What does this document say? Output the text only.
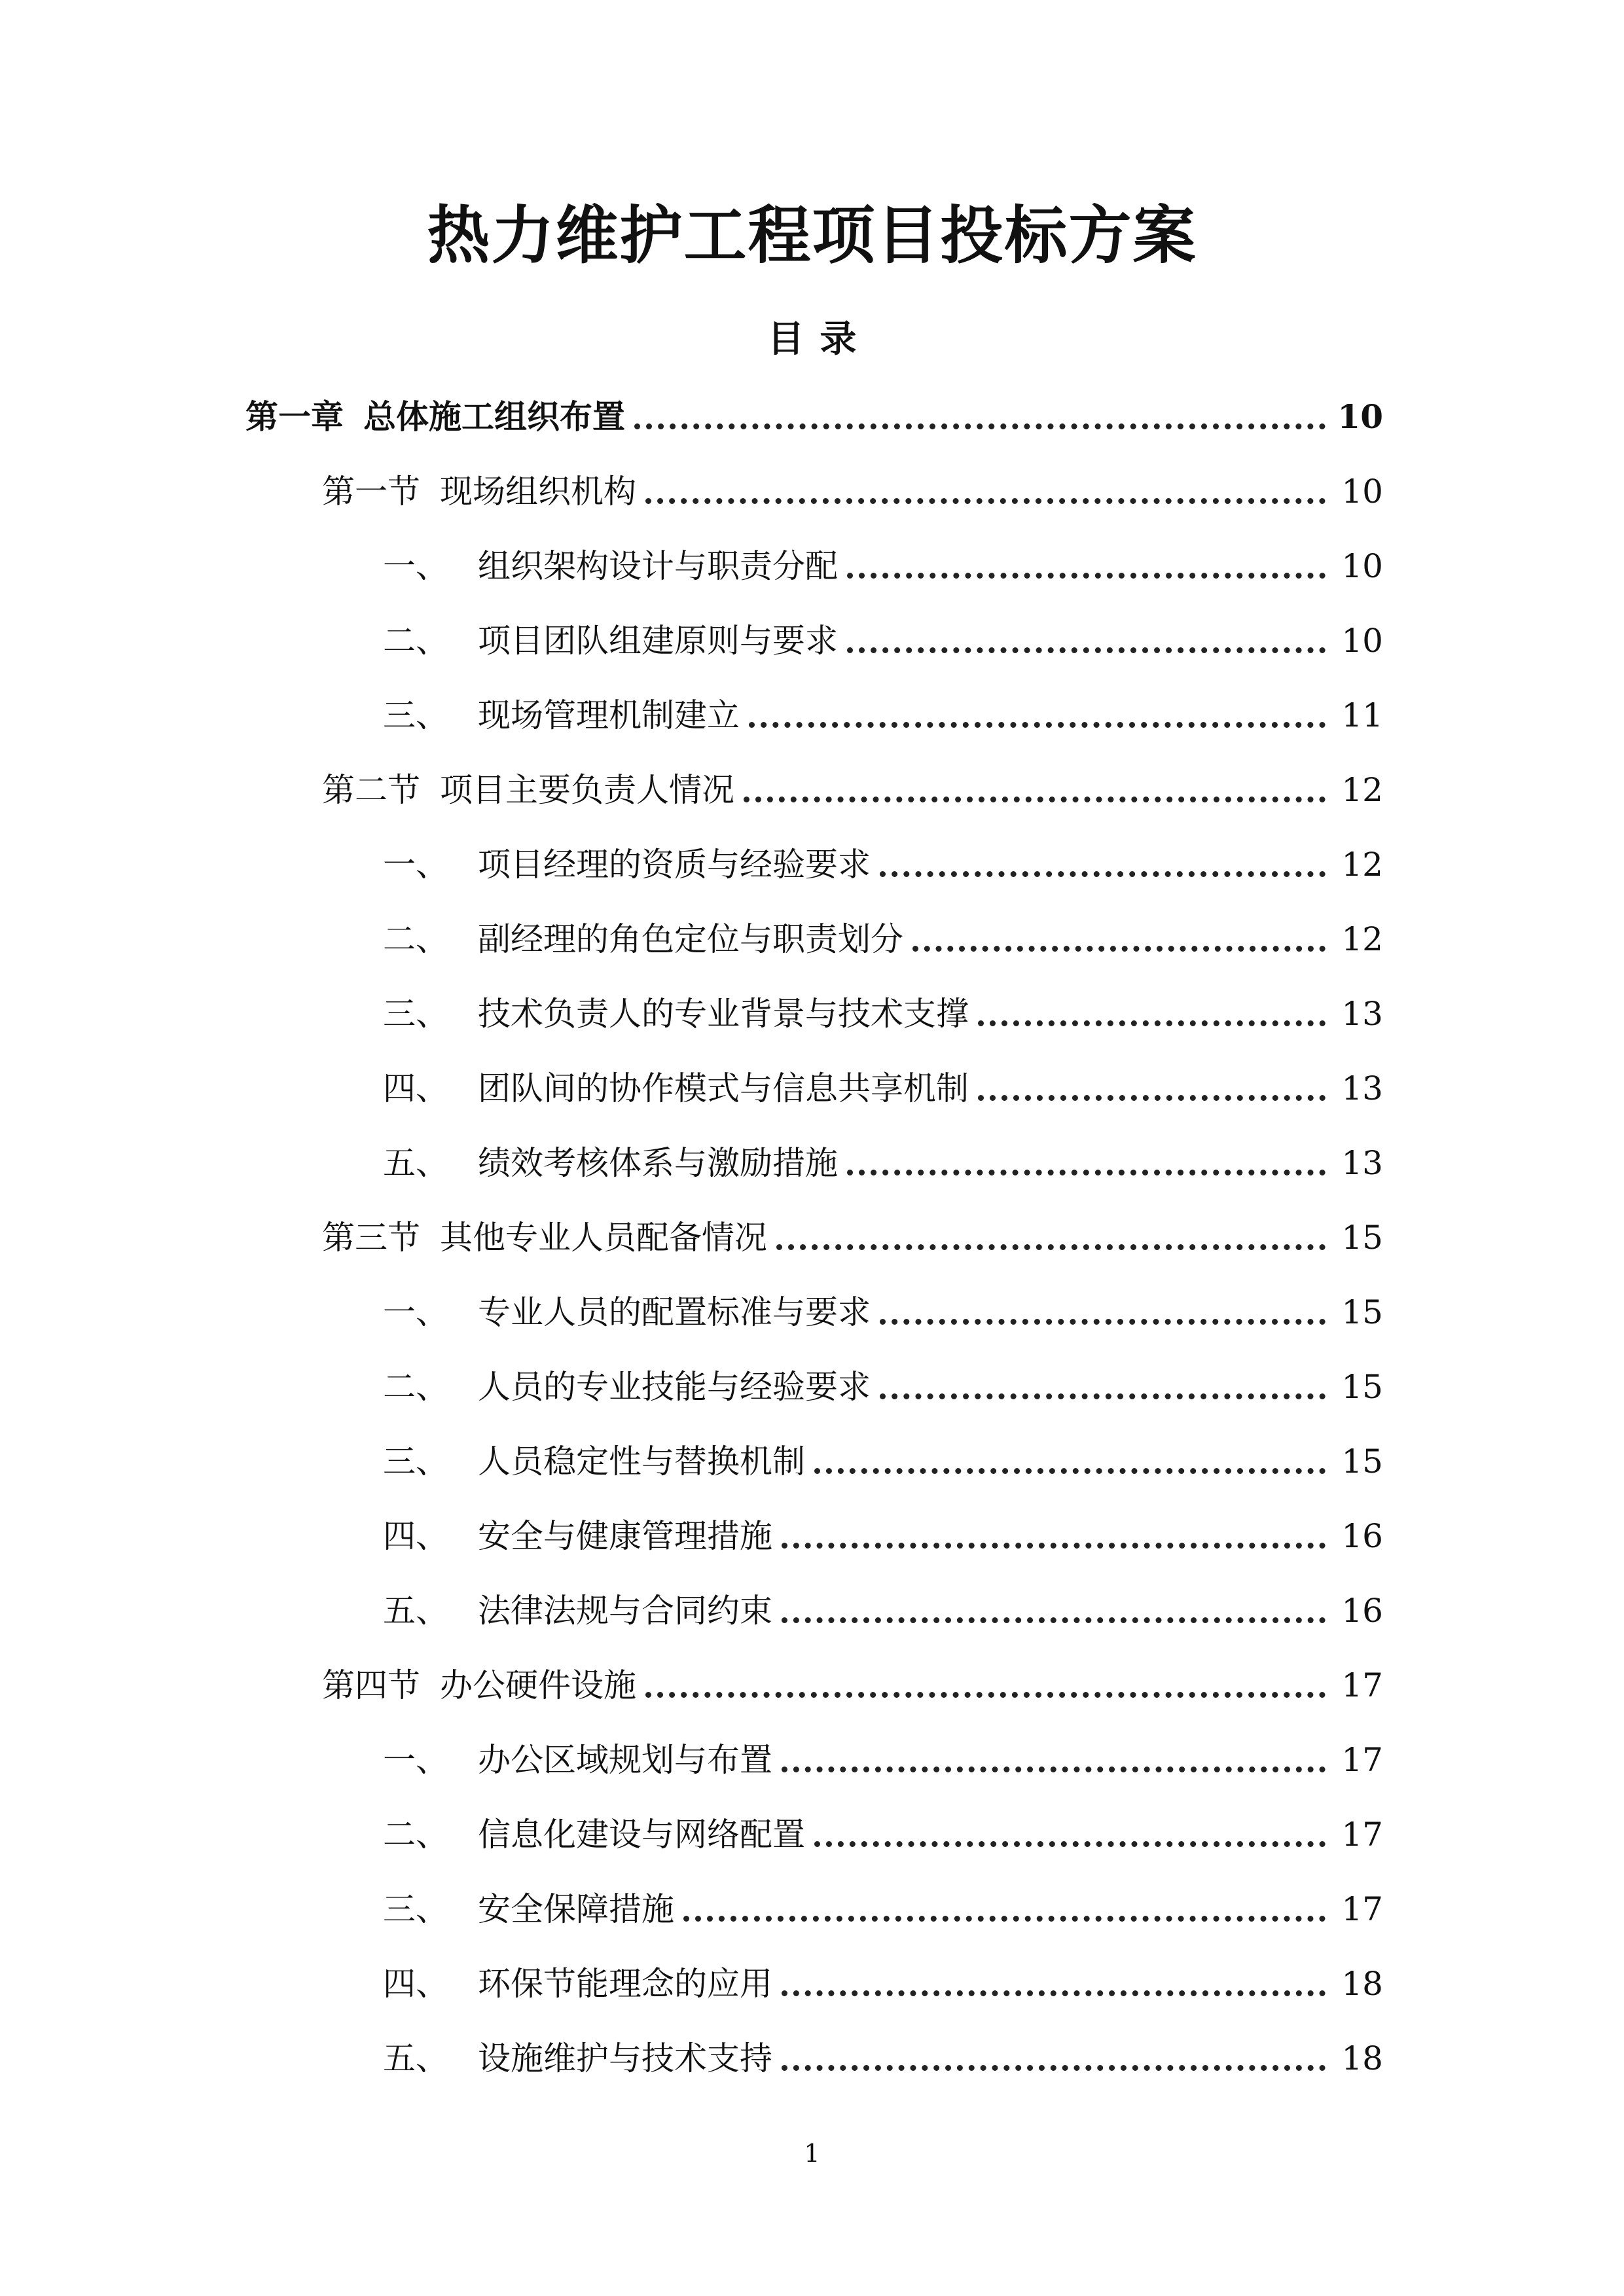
热力维护工程项目投标方案
目录
第一章 总体施工组织布置	10
第一节 现场组织机构	10
一、 组织架构设计与职责分配	10
二、 项目团队组建原则与要求	10
三、 现场管理机制建立	11
第二节 项目主要负责人情况	12
一、 项目经理的资质与经验要求	12
二、 副经理的角色定位与职责划分	12
三、 技术负责人的专业背景与技术支撑	13
四、 团队间的协作模式与信息共享机制	13
五、 绩效考核体系与激励措施	13
第三节 其他专业人员配备情况	15
一、 专业人员的配置标准与要求	15
二、 人员的专业技能与经验要求	15
三、 人员稳定性与替换机制	15
四、 安全与健康管理措施	16
五、 法律法规与合同约束	16
第四节 办公硬件设施	17
一、 办公区域规划与布置	17
二、 信息化建设与网络配置	17
三、 安全保障措施	17
四、 环保节能理念的应用	18
五、 设施维护与技术支持	18
1
